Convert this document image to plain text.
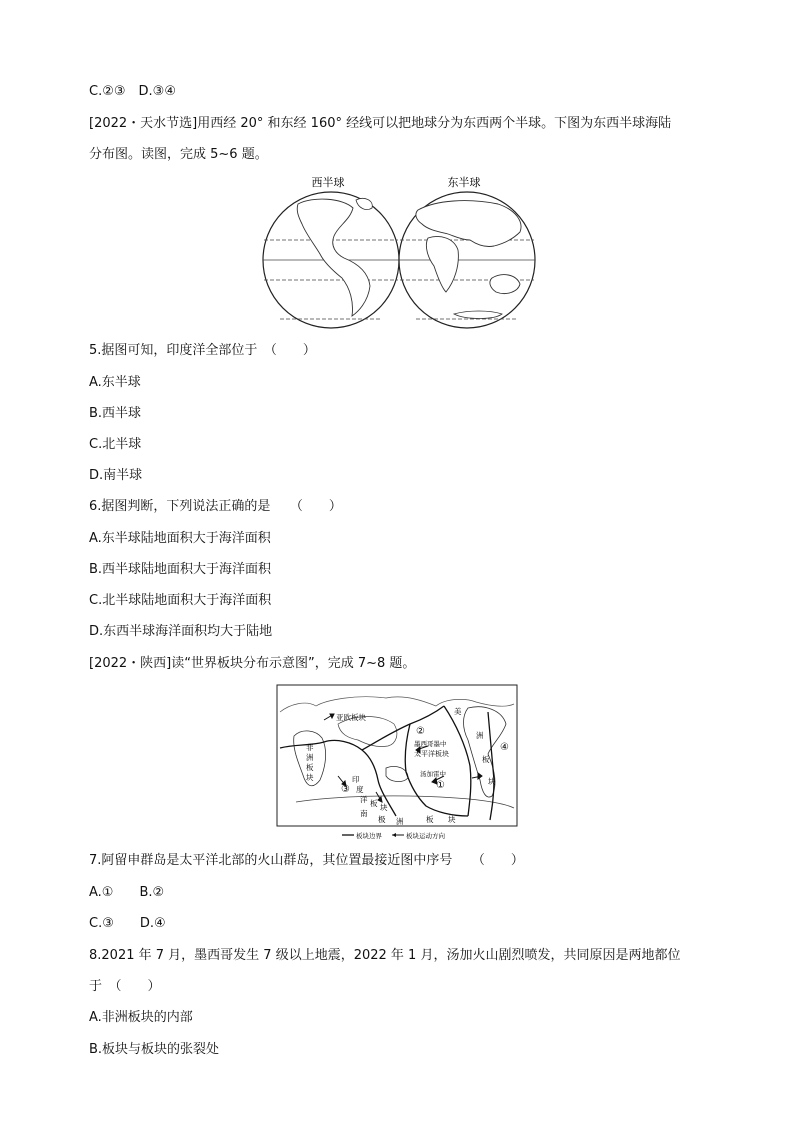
C.②③　D.③④
[2022・天水节选]用西经 20° 和东经 160° 经线可以把地球分为东西两个半球。下图为东西半球海陆
分布图。读图，完成 5~6 题。
西半球	东半球
5.据图可知，印度洋全部位于　（　　）
A.东半球
B.西半球
C.北半球
D.南半球
6.据图判断，下列说法正确的是　　（　　）
A.东半球陆地面积大于海洋面积
B.西半球陆地面积大于海洋面积
C.北半球陆地面积大于海洋面积
D.东西半球海洋面积均大于陆地
[2022・陕西]读“世界板块分布示意图”，完成 7~8 题。
亚欧板块
非
洲
板
块
③
印
度
洋 板 块
②
墨西哥墨中
太平洋板块
汤加雷中
①
美
洲
板
块
④
南
极 洲	板 块
板块边界	板块运动方向
7.阿留申群岛是太平洋北部的火山群岛，其位置最接近图中序号　　（　　）
A.①　　B.②
C.③　　D.④
8.2021 年 7 月，墨西哥发生 7 级以上地震，2022 年 1 月，汤加火山剧烈喷发，共同原因是两地都位
于　（　　）
A.非洲板块的内部
B.板块与板块的张裂处
